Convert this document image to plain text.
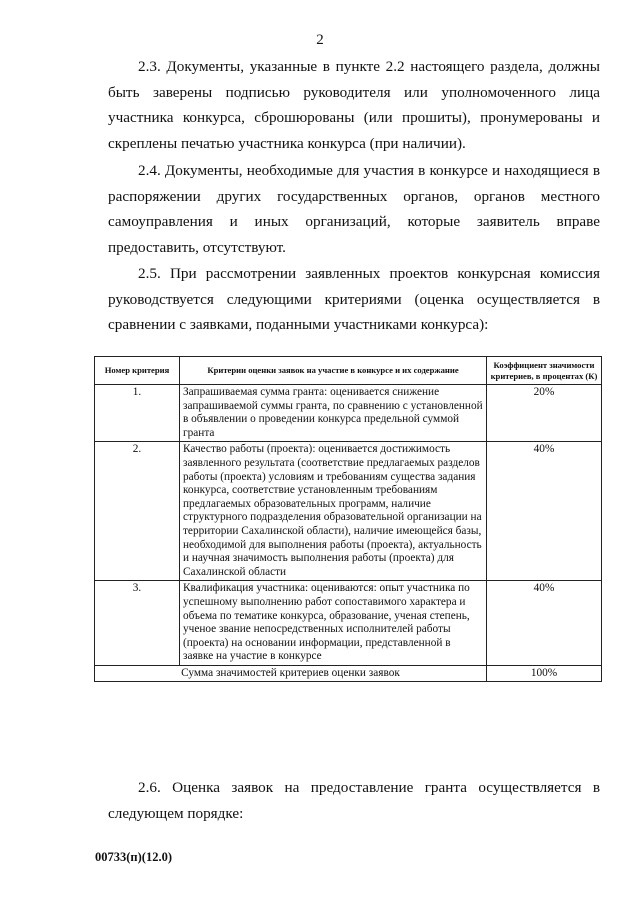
2

2.3. Документы, указанные в пункте 2.2 настоящего раздела, должны быть заверены подписью руководителя или уполномоченного лица участника конкурса, сброшюрованы (или прошиты), пронумерованы и скреплены печатью участника конкурса (при наличии).

2.4. Документы, необходимые для участия в конкурсе и находящиеся в распоряжении других государственных органов, органов местного самоуправления и иных организаций, которые заявитель вправе предоставить, отсутствуют.

2.5. При рассмотрении заявленных проектов конкурсная комиссия руководствуется следующими критериями (оценка осуществляется в сравнении с заявками, поданными участниками конкурса):

Номер критерия	Критерии оценки заявок на участие в конкурсе и их содержание	Коэффициент значимости критериев, в процентах (К)
1.	Запрашиваемая сумма гранта: оценивается снижение запрашиваемой суммы гранта, по сравнению с установленной в объявлении о проведении конкурса предельной суммой гранта	20%
2.	Качество работы (проекта): оценивается достижимость заявленного результата (соответствие предлагаемых разделов работы (проекта) условиям и требованиям существа задания конкурса, соответствие установленным требованиям предлагаемых образовательных программ, наличие структурного подразделения образовательной организации на территории Сахалинской области), наличие имеющейся базы, необходимой для выполнения работы (проекта), актуальность и научная значимость выполнения работы (проекта) для Сахалинской области	40%
3.	Квалификация участника: оцениваются: опыт участника по успешному выполнению работ сопоставимого характера и объема по тематике конкурса, образование, ученая степень, ученое звание непосредственных исполнителей работы (проекта) на основании информации, представленной в заявке на участие в конкурсе	40%
Сумма значимостей критериев оценки заявок		100%

2.6. Оценка заявок на предоставление гранта осуществляется в следующем порядке:

00733(п)(12.0)
